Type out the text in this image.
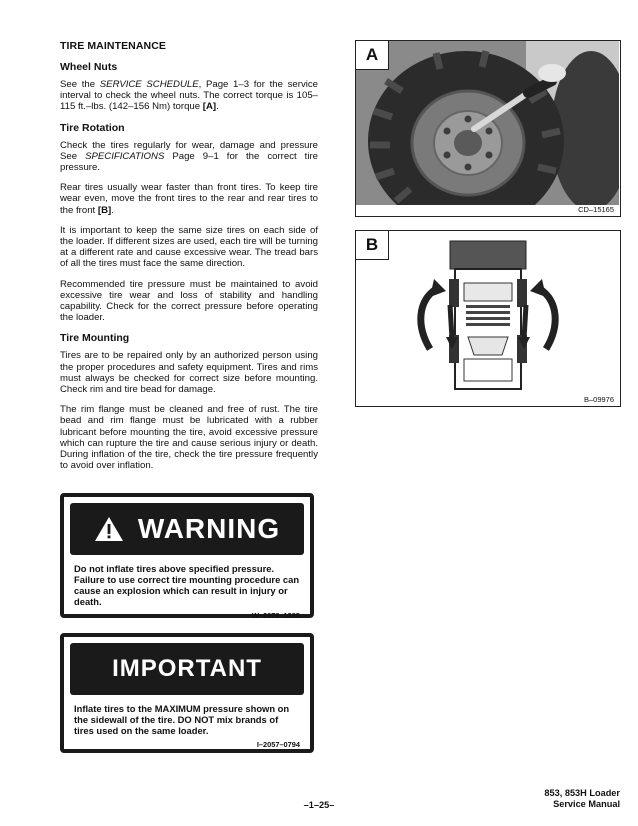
TIRE MAINTENANCE
Wheel Nuts

See the SERVICE SCHEDULE, Page 1–3 for the service interval to check the wheel nuts. The correct torque is 105–115 ft.–lbs. (142–156 Nm) torque [A].

Tire Rotation

Check the tires regularly for wear, damage and pressure See SPECIFICATIONS Page 9–1 for the correct tire pressure.

Rear tires usually wear faster than front tires. To keep tire wear even, move the front tires to the rear and rear tires to the front [B].

It is important to keep the same size tires on each side of the loader. If different sizes are used, each tire will be turning at a different rate and cause excessive wear. The tread bars of all the tires must face the same direction.

Recommended tire pressure must be maintained to avoid excessive tire wear and loss of stability and handling capability. Check for the correct pressure before operating the loader.

Tire Mounting

Tires are to be repaired only by an authorized person using the proper procedures and safety equipment. Tires and rims must always be checked for correct size before mounting. Check rim and tire bead for damage.

The rim flange must be cleaned and free of rust. The tire bead and rim flange must be lubricated with a rubber lubricant before mounting the tire, avoid excessive pressure which can rupture the tire and cause serious injury or death. During inflation of the tire, check the tire pressure frequently to avoid over inflation.

WARNING
Do not inflate tires above specified pressure. Failure to use correct tire mounting procedure can cause an explosion which can result in injury or death.
W–2078–1285
IMPORTANT
Inflate tires to the MAXIMUM pressure shown on the sidewall of the tire. DO NOT mix brands of tires used on the same loader.
I–2057–0794
A
CD–15165
B
B–09976
–1–25–
853, 853H Loader
Service Manual
